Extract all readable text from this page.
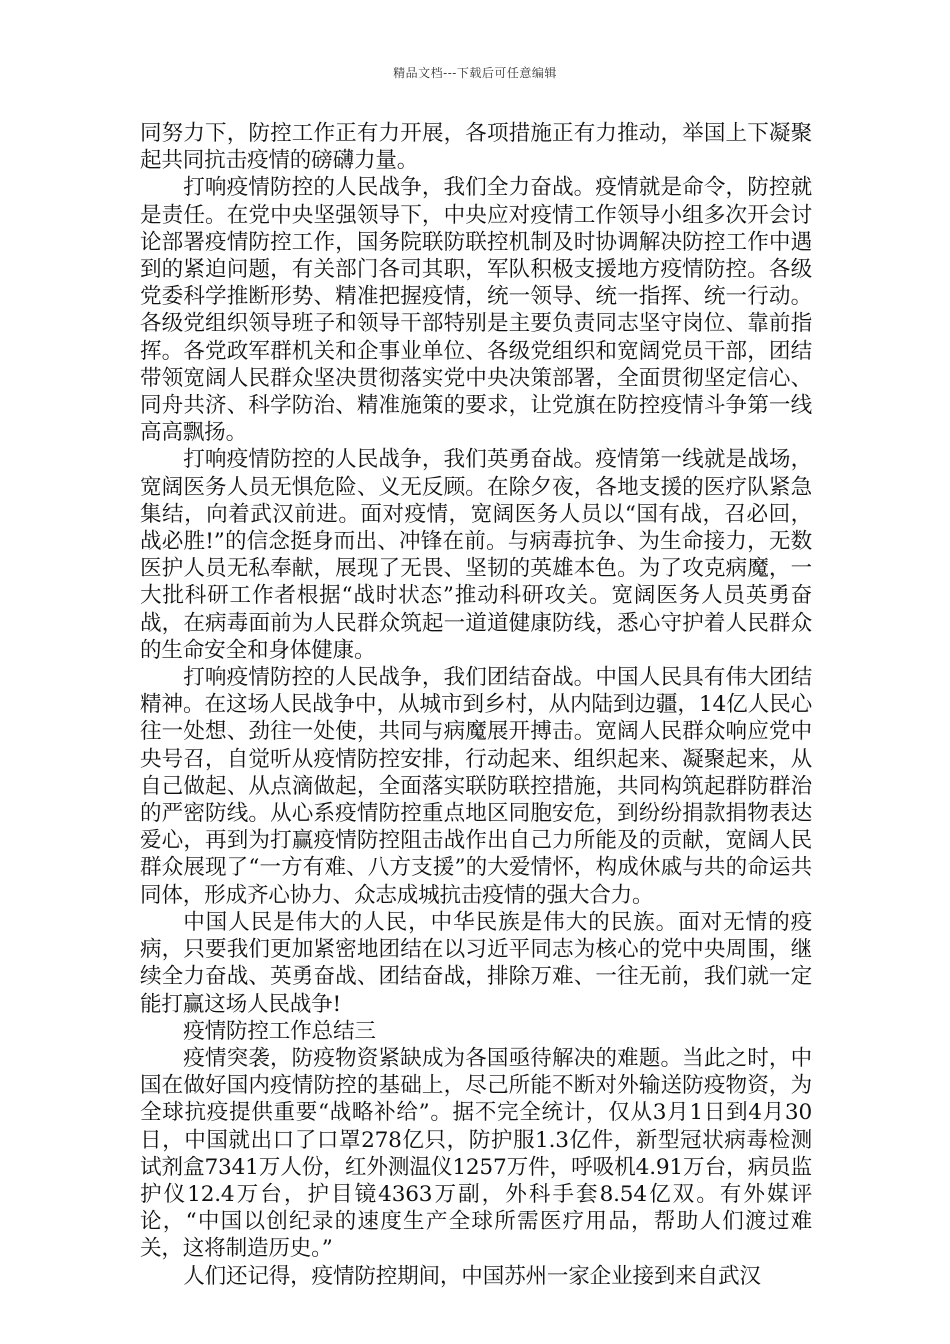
精品文档---下载后可任意编辑

同努力下，防控工作正有力开展，各项措施正有力推动，举国上下凝聚起共同抗击疫情的磅礴力量。

打响疫情防控的人民战争，我们全力奋战。疫情就是命令，防控就是责任。在党中央坚强领导下，中央应对疫情工作领导小组多次开会讨论部署疫情防控工作，国务院联防联控机制及时协调解决防控工作中遇到的紧迫问题，有关部门各司其职，军队积极支援地方疫情防控。各级党委科学推断形势、精准把握疫情，统一领导、统一指挥、统一行动。各级党组织领导班子和领导干部特别是主要负责同志坚守岗位、靠前指挥。各党政军群机关和企事业单位、各级党组织和宽阔党员干部，团结带领宽阔人民群众坚决贯彻落实党中央决策部署，全面贯彻坚定信心、同舟共济、科学防治、精准施策的要求，让党旗在防控疫情斗争第一线高高飘扬。

打响疫情防控的人民战争，我们英勇奋战。疫情第一线就是战场，宽阔医务人员无惧危险、义无反顾。在除夕夜，各地支援的医疗队紧急集结，向着武汉前进。面对疫情，宽阔医务人员以“国有战，召必回，战必胜!”的信念挺身而出、冲锋在前。与病毒抗争、为生命接力，无数医护人员无私奉献，展现了无畏、坚韧的英雄本色。为了攻克病魔，一大批科研工作者根据“战时状态”推动科研攻关。宽阔医务人员英勇奋战，在病毒面前为人民群众筑起一道道健康防线，悉心守护着人民群众的生命安全和身体健康。

打响疫情防控的人民战争，我们团结奋战。中国人民具有伟大团结精神。在这场人民战争中，从城市到乡村，从内陆到边疆，14亿人民心往一处想、劲往一处使，共同与病魔展开搏击。宽阔人民群众响应党中央号召，自觉听从疫情防控安排，行动起来、组织起来、凝聚起来，从自己做起、从点滴做起，全面落实联防联控措施，共同构筑起群防群治的严密防线。从心系疫情防控重点地区同胞安危，到纷纷捐款捐物表达爱心，再到为打赢疫情防控阻击战作出自己力所能及的贡献，宽阔人民群众展现了“一方有难、八方支援”的大爱情怀，构成休戚与共的命运共同体，形成齐心协力、众志成城抗击疫情的强大合力。

中国人民是伟大的人民，中华民族是伟大的民族。面对无情的疫病，只要我们更加紧密地团结在以习近平同志为核心的党中央周围，继续全力奋战、英勇奋战、团结奋战，排除万难、一往无前，我们就一定能打赢这场人民战争!

疫情防控工作总结三

疫情突袭，防疫物资紧缺成为各国亟待解决的难题。当此之时，中国在做好国内疫情防控的基础上，尽己所能不断对外输送防疫物资，为全球抗疫提供重要“战略补给”。据不完全统计，仅从3月1日到4月30日，中国就出口了口罩278亿只，防护服1.3亿件，新型冠状病毒检测试剂盒7341万人份，红外测温仪1257万件，呼吸机4.91万台，病员监护仪12.4万台，护目镜4363万副，外科手套8.54亿双。有外媒评论，“中国以创纪录的速度生产全球所需医疗用品，帮助人们渡过难关，这将制造历史。”

人们还记得，疫情防控期间，中国苏州一家企业接到来自武汉
